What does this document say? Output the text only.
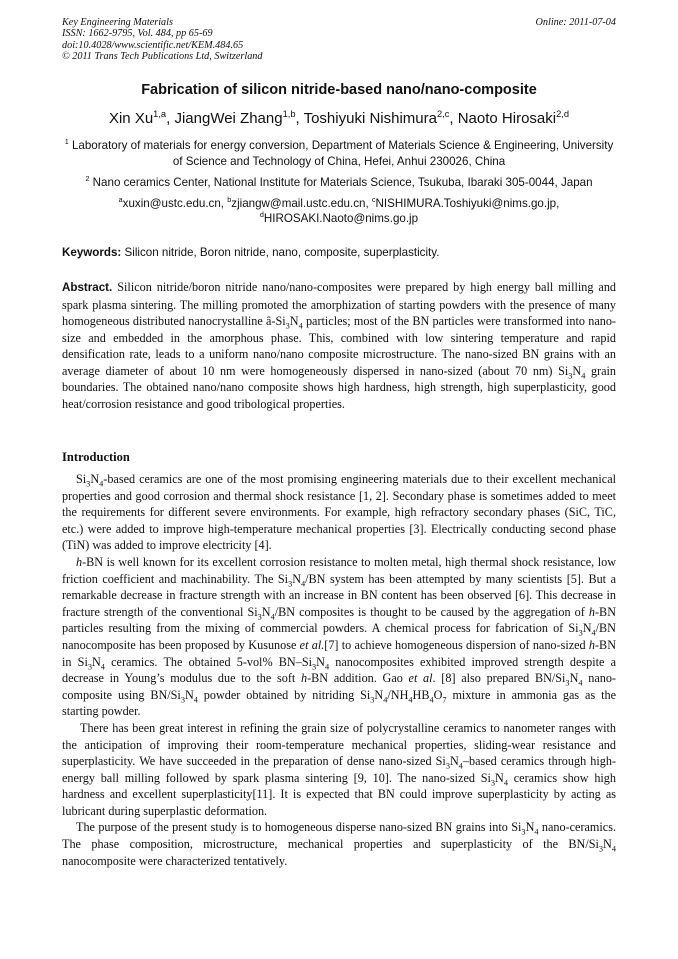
Key Engineering Materials
ISSN: 1662-9795, Vol. 484, pp 65-69
doi:10.4028/www.scientific.net/KEM.484.65
© 2011 Trans Tech Publications Ltd, Switzerland
Online: 2011-07-04
Fabrication of silicon nitride-based nano/nano-composite
Xin Xu$^{1,a}$, JiangWei Zhang$^{1,b}$, Toshiyuki Nishimura$^{2,c}$, Naoto Hirosaki$^{2,d}$
$^1$ Laboratory of materials for energy conversion, Department of Materials Science & Engineering, University of Science and Technology of China, Hefei, Anhui 230026, China
$^2$ Nano ceramics Center, National Institute for Materials Science, Tsukuba, Ibaraki 305-0044, Japan
$^a$xuxin@ustc.edu.cn, $^b$zjiangw@mail.ustc.edu.cn, $^c$NISHIMURA.Toshiyuki@nims.go.jp,
$^d$HIROSAKI.Naoto@nims.go.jp
Keywords: Silicon nitride, Boron nitride, nano, composite, superplasticity.
Abstract. Silicon nitride/boron nitride nano/nano-composites were prepared by high energy ball milling and spark plasma sintering. The milling promoted the amorphization of starting powders with the presence of many homogeneous distributed nanocrystalline $â-Si_3N_4$ particles; most of the BN particles were transformed into nano-size and embedded in the amorphous phase. This, combined with low sintering temperature and rapid densification rate, leads to a uniform nano/nano composite microstructure. The nano-sized BN grains with an average diameter of about 10 nm were homogeneously dispersed in nano-sized (about 70 nm) $Si_3N_4$ grain boundaries. The obtained nano/nano composite shows high hardness, high strength, high superplasticity, good heat/corrosion resistance and good tribological properties.
Introduction

$Si_3N_4$-based ceramics are one of the most promising engineering materials due to their excellent mechanical properties and good corrosion and thermal shock resistance [1, 2]. Secondary phase is sometimes added to meet the requirements for different severe environments. For example, high refractory secondary phases (SiC, TiC, etc.) were added to improve high-temperature mechanical properties [3]. Electrically conducting second phase (TiN) was added to improve electricity [4].

h-BN is well known for its excellent corrosion resistance to molten metal, high thermal shock resistance, low friction coefficient and machinability. The $Si_3N_4/BN$ system has been attempted by many scientists [5]. But a remarkable decrease in fracture strength with an increase in BN content has been observed [6]. This decrease in fracture strength of the conventional $Si_3N_4/BN$ composites is thought to be caused by the aggregation of h-BN particles resulting from the mixing of commercial powders. A chemical process for fabrication of $Si_3N_4/BN$ nanocomposite has been proposed by Kusunose et al.[7] to achieve homogeneous dispersion of nano-sized h-BN in $Si_3N_4$ ceramics. The obtained 5-vol% $BN-Si_3N_4$ nanocomposites exhibited improved strength despite a decrease in Young’s modulus due to the soft h-BN addition. Gao et al. [8] also prepared $BN/Si_3N_4$ nano-composite using $BN/Si_3N_4$ powder obtained by nitriding $Si_3N_4/NH_4HB_4O_7$ mixture in ammonia gas as the starting powder.

There has been great interest in refining the grain size of polycrystalline ceramics to nanometer ranges with the anticipation of improving their room-temperature mechanical properties, sliding-wear resistance and superplasticity. We have succeeded in the preparation of dense nano-sized $Si_3N_4$–based ceramics through high-energy ball milling followed by spark plasma sintering [9, 10]. The nano-sized $Si_3N_4$ ceramics show high hardness and excellent superplasticity[11]. It is expected that BN could improve superplasticity by acting as lubricant during superplastic deformation.

The purpose of the present study is to homogeneous disperse nano-sized BN grains into $Si_3N_4$ nano-ceramics. The phase composition, microstructure, mechanical properties and superplasticity of the $BN/Si_3N_4$ nanocomposite were characterized tentatively.
